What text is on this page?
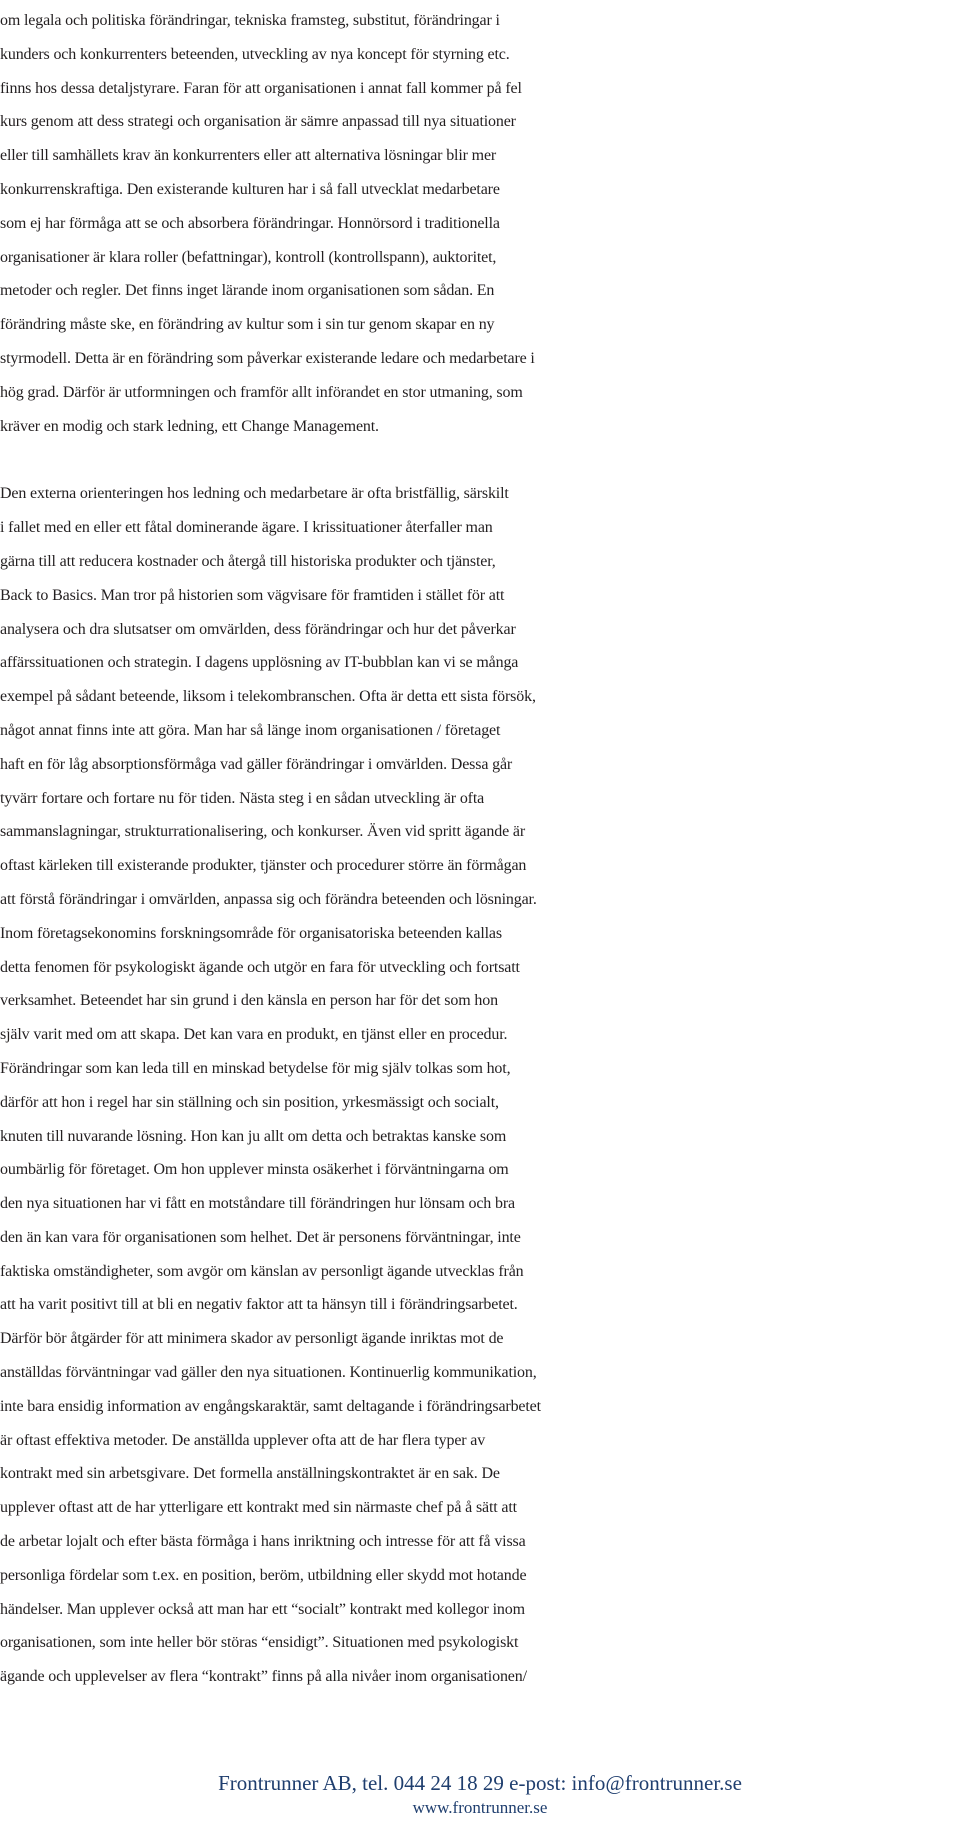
om legala och politiska förändringar, tekniska framsteg, substitut, förändringar i
kunders och konkurrenters beteenden, utveckling av nya koncept för styrning etc.
finns hos dessa detaljstyrare. Faran för att organisationen i annat fall kommer på fel
kurs genom att dess strategi och organisation är sämre anpassad till nya situationer
eller till samhällets krav än konkurrenters eller att alternativa lösningar blir mer
konkurrenskraftiga. Den existerande kulturen har i så fall utvecklat medarbetare
som ej har förmåga att se och absorbera förändringar. Honnörsord i traditionella
organisationer är klara roller (befattningar), kontroll (kontrollspann), auktoritet,
metoder och regler. Det finns inget lärande inom organisationen som sådan. En
förändring måste ske, en förändring av kultur som i sin tur genom skapar en ny
styrmodell. Detta är en förändring som påverkar existerande ledare och medarbetare i
hög grad. Därför är utformningen och framför allt införandet en stor utmaning, som
kräver en modig och stark ledning, ett Change Management.
Den externa orienteringen hos ledning och medarbetare är ofta bristfällig, särskilt
i fallet med en eller ett fåtal dominerande ägare. I krissituationer återfaller man
gärna till att reducera kostnader och återgå till historiska produkter och tjänster,
Back to Basics. Man tror på historien som vägvisare för framtiden i stället för att
analysera och dra slutsatser om omvärlden, dess förändringar och hur det påverkar
affärssituationen och strategin. I dagens upplösning av IT-bubblan kan vi se många
exempel på sådant beteende, liksom i telekombranschen. Ofta är detta ett sista försök,
något annat finns inte att göra. Man har så länge inom organisationen / företaget
haft en för låg absorptionsförmåga vad gäller förändringar i omvärlden. Dessa går
tyvärr fortare och fortare nu för tiden. Nästa steg i en sådan utveckling är ofta
sammanslagningar, strukturrationalisering, och konkurser. Även vid spritt ägande är
oftast kärleken till existerande produkter, tjänster och procedurer större än förmågan
att förstå förändringar i omvärlden, anpassa sig och förändra beteenden och lösningar.
Inom företagsekonomins forskningsområde för organisatoriska beteenden kallas
detta fenomen för psykologiskt ägande och utgör en fara för utveckling och fortsatt
verksamhet. Beteendet har sin grund i den känsla en person har för det som hon
själv varit med om att skapa. Det kan vara en produkt, en tjänst eller en procedur.
Förändringar som kan leda till en minskad betydelse för mig själv tolkas som hot,
därför att hon i regel har sin ställning och sin position, yrkesmässigt och socialt,
knuten till nuvarande lösning. Hon kan ju allt om detta och betraktas kanske som
oumbärlig för företaget. Om hon upplever minsta osäkerhet i förväntningarna om
den nya situationen har vi fått en motståndare till förändringen hur lönsam och bra
den än kan vara för organisationen som helhet. Det är personens förväntningar, inte
faktiska omständigheter, som avgör om känslan av personligt ägande utvecklas från
att ha varit positivt till at bli en negativ faktor att ta hänsyn till i förändringsarbetet.
Därför bör åtgärder för att minimera skador av personligt ägande inriktas mot de
anställdas förväntningar vad gäller den nya situationen. Kontinuerlig kommunikation,
inte bara ensidig information av engångskaraktär, samt deltagande i förändringsarbetet
är oftast effektiva metoder. De anställda upplever ofta att de har flera typer av
kontrakt med sin arbetsgivare. Det formella anställningskontraktet är en sak. De
upplever oftast att de har ytterligare ett kontrakt med sin närmaste chef på å sätt att
de arbetar lojalt och efter bästa förmåga i hans inriktning och intresse för att få vissa
personliga fördelar som t.ex. en position, beröm, utbildning eller skydd mot hotande
händelser. Man upplever också att man har ett “socialt” kontrakt med kollegor inom
organisationen, som inte heller bör störas “ensidigt”. Situationen med psykologiskt
ägande och upplevelser av flera “kontrakt” finns på alla nivåer inom organisationen/
Frontrunner AB, tel. 044 24 18 29 e-post: info@frontrunner.se
www.frontrunner.se
